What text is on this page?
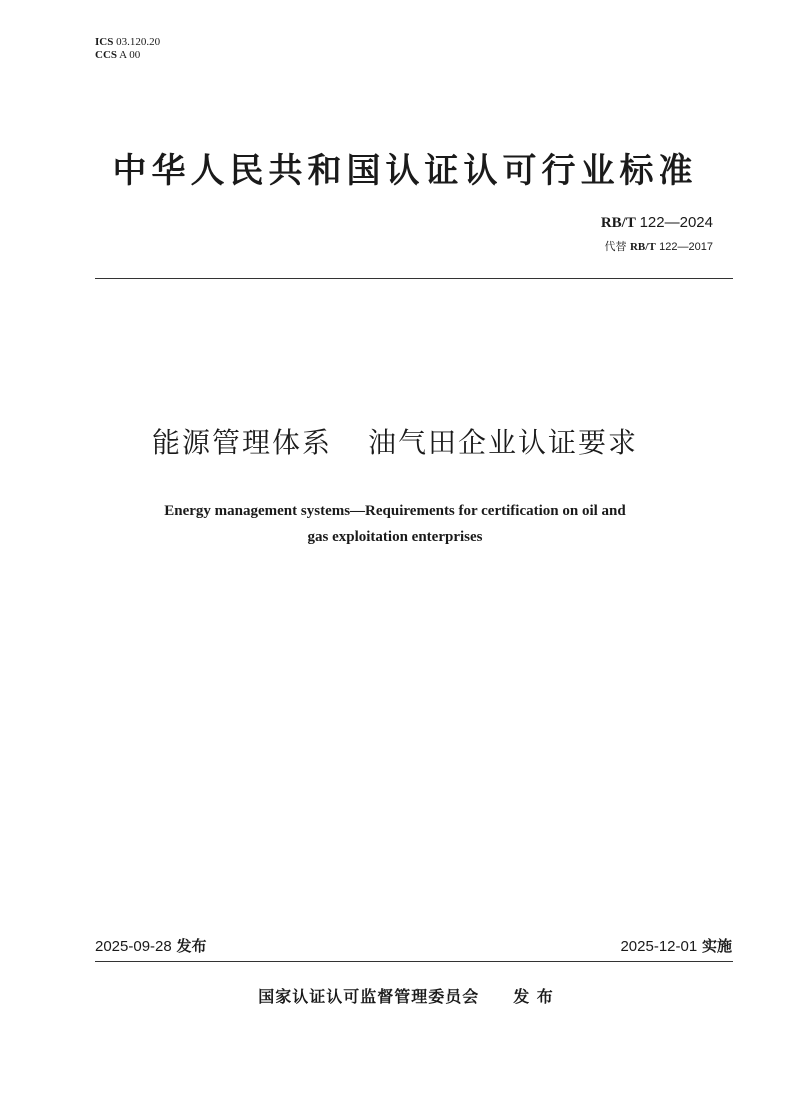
ICS 03.120.20
CCS A 00
中华人民共和国认证认可行业标准
RB/T 122—2024
代替 RB/T 122—2017
能源管理体系 油气田企业认证要求
Energy management systems—Requirements for certification on oil and
gas exploitation enterprises
2025-09-28 发布	2025-12-01 实施
国家认证认可监督管理委员会 发 布
